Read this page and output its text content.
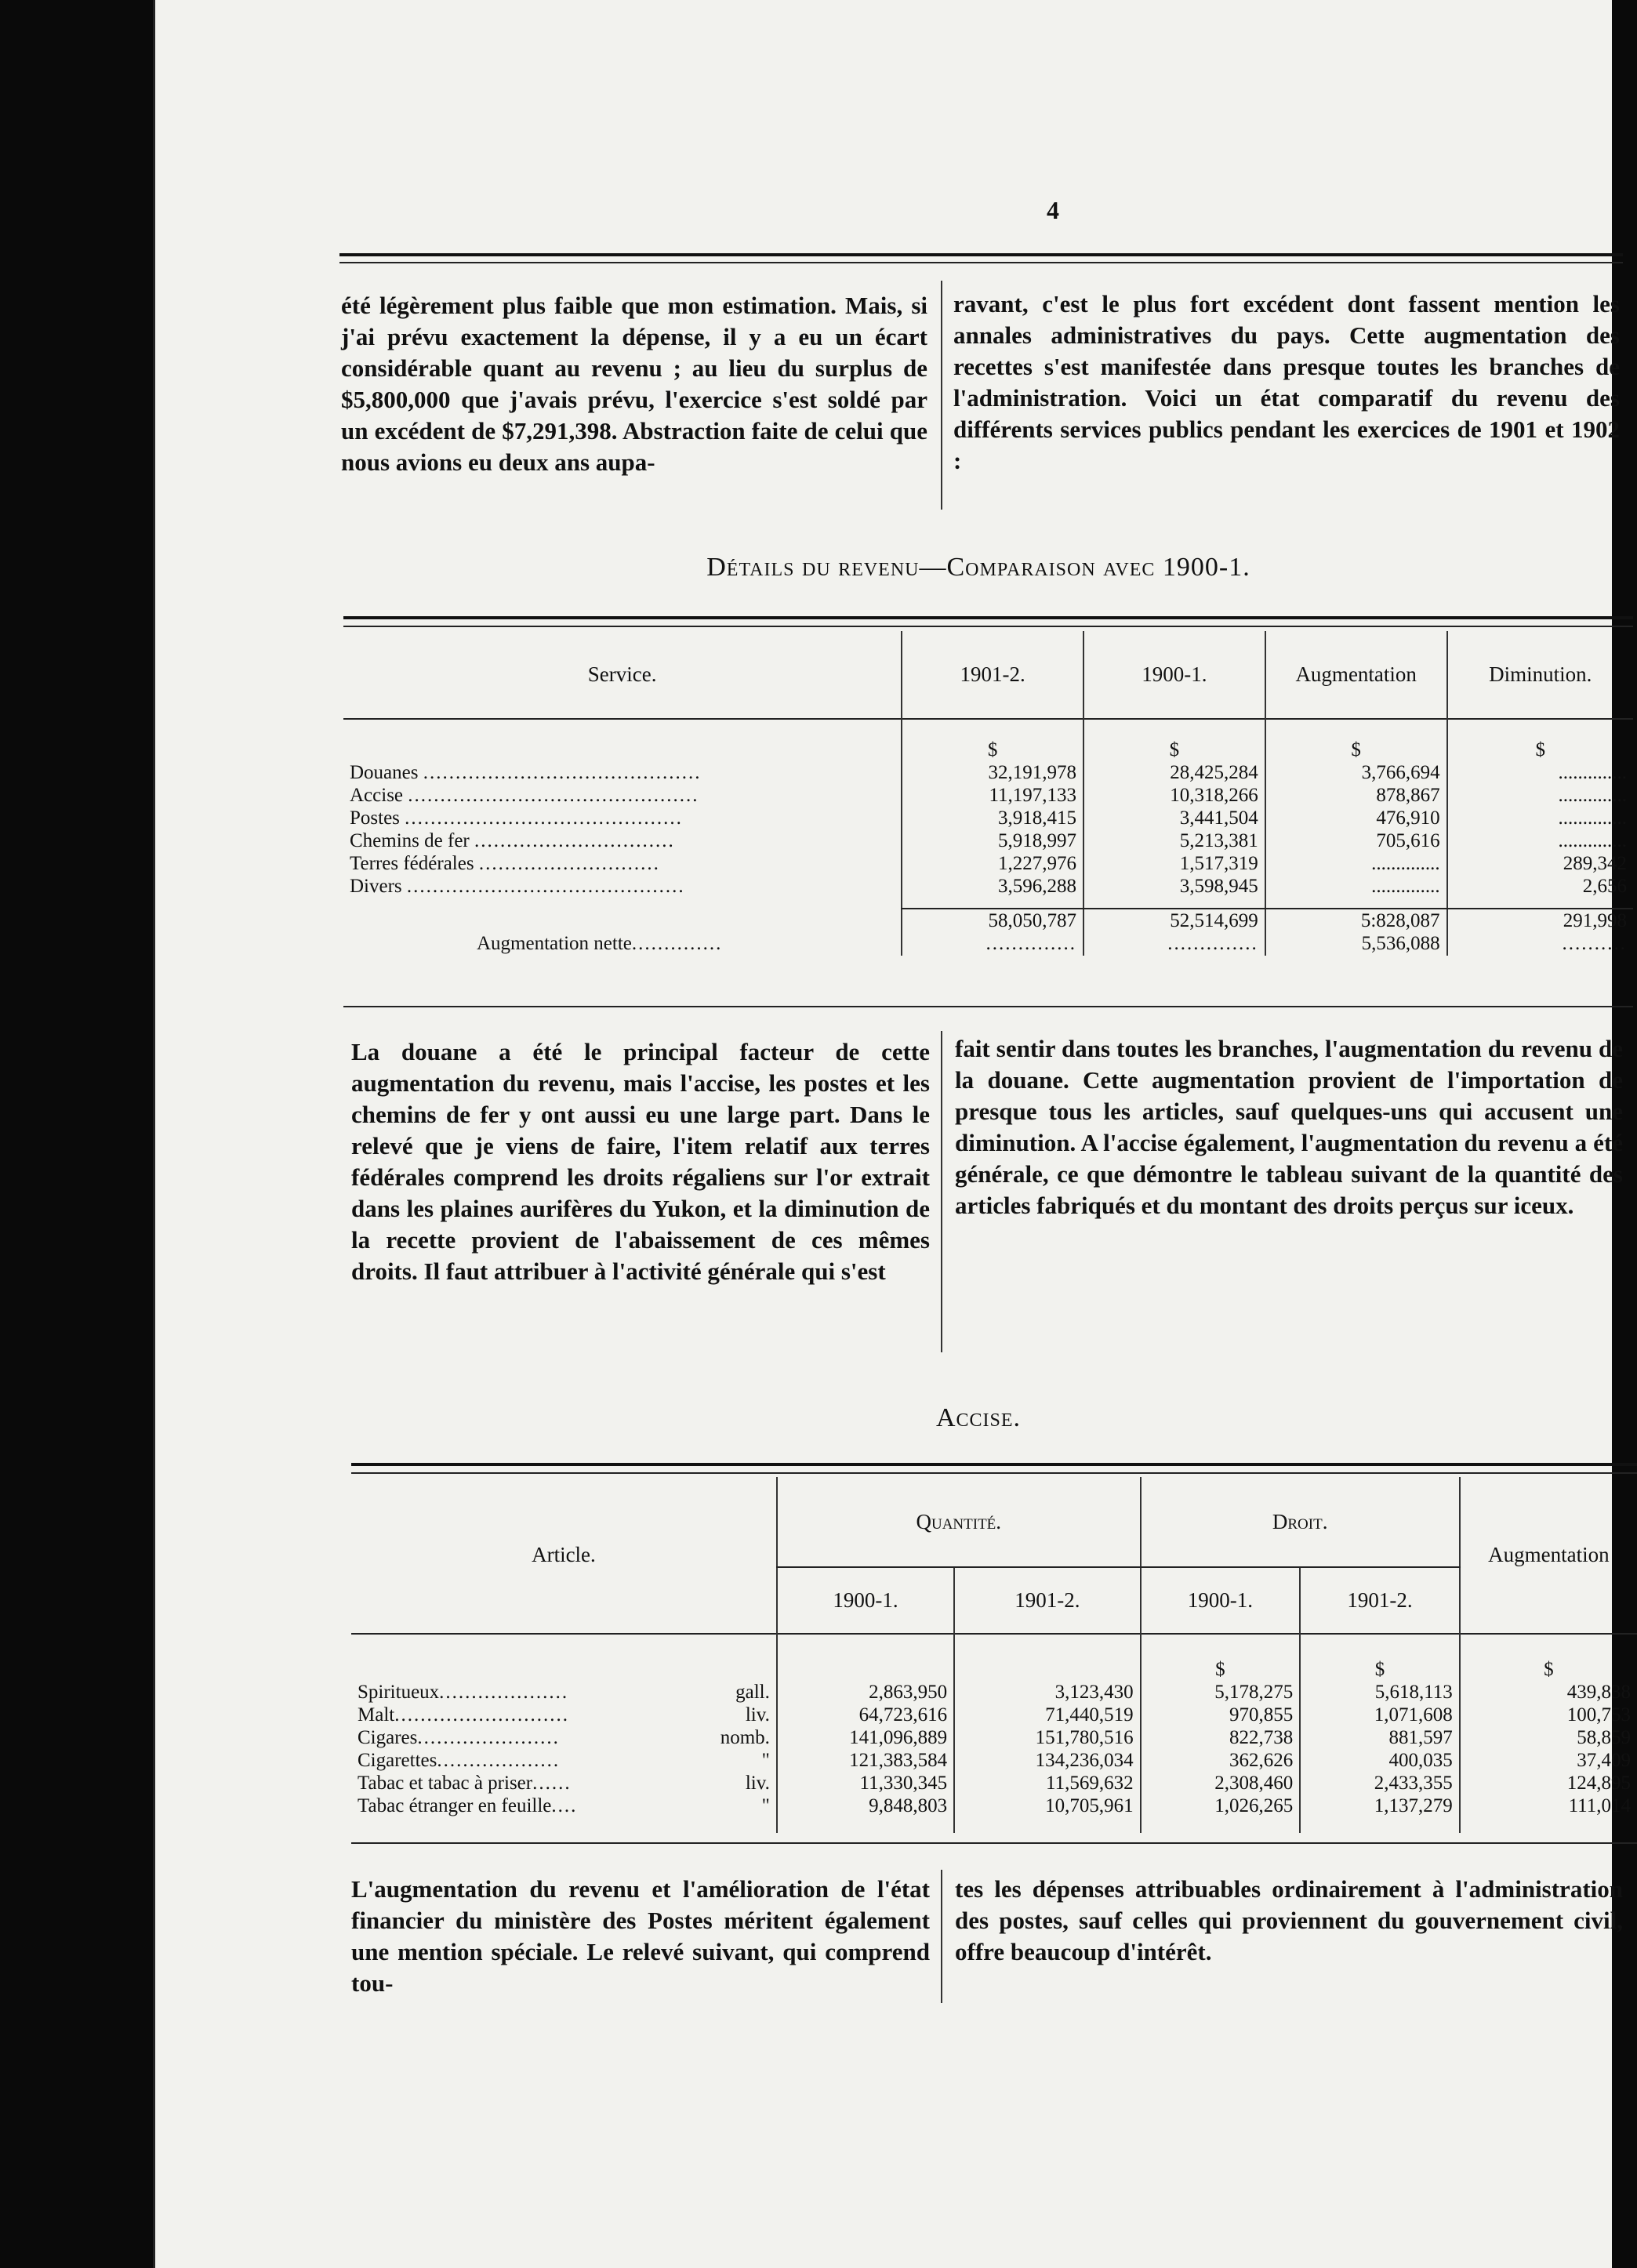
4
été légèrement plus faible que mon estimation. Mais, si j'ai prévu exactement la dépense, il y a eu un écart considérable quant au revenu ; au lieu du surplus de $5,800,000 que j'avais prévu, l'exercice s'est soldé par un excédent de $7,291,398. Abstraction faite de celui que nous avions eu deux ans aupa-
ravant, c'est le plus fort excédent dont fassent mention les annales administratives du pays. Cette augmentation des recettes s'est manifestée dans presque toutes les branches de l'administration. Voici un état comparatif du revenu des différents services publics pendant les exercices de 1901 et 1902 :
Détails du revenu—Comparaison avec 1900-1.
Service.	1901-2.	1900-1.	Augmentation	Diminution.

	$	$	$	$
Douanes ...........................................	32,191,978	28,425,284	3,766,694	..............
Accise .............................................	11,197,133	10,318,266	878,867	..............
Postes ...........................................	3,918,415	3,441,504	476,910	..............
Chemins de fer ...............................	5,918,997	5,213,381	705,616	..............
Terres fédérales ............................	1,227,976	1,517,319	..............	289,342
Divers ...........................................	3,596,288	3,598,945	..............	2,656

	58,050,787	52,514,699	5:828,087	291,998
Augmentation nette..............	..............	..............	5,536,088	..........
La douane a été le principal facteur de cette augmentation du revenu, mais l'accise, les postes et les chemins de fer y ont aussi eu une large part. Dans le relevé que je viens de faire, l'item relatif aux terres fédérales comprend les droits régaliens sur l'or extrait dans les plaines aurifères du Yukon, et la diminution de la recette provient de l'abaissement de ces mêmes droits. Il faut attribuer à l'activité générale qui s'est
fait sentir dans toutes les branches, l'augmentation du revenu de la douane. Cette augmentation provient de l'importation de presque tous les articles, sauf quelques-uns qui accusent une diminution. A l'accise également, l'augmentation du revenu a été générale, ce que démontre le tableau suivant de la quantité des articles fabriqués et du montant des droits perçus sur iceux.
Accise.
Article.	Quantité.		Droit.		Augmentation
	1900-1.	1901-2.	1900-1.	1901-2.	

			$	$	$
Spiritueux.................... gall.	2,863,950	3,123,430	5,178,275	5,618,113	439,838
Malt........................... liv.	64,723,616	71,440,519	970,855	1,071,608	100,753
Cigares...................... nomb.	141,096,889	151,780,516	822,738	881,597	58,859
Cigarettes................... "	121,383,584	134,236,034	362,626	400,035	37,409
Tabac et tabac à priser...... liv.	11,330,345	11,569,632	2,308,460	2,433,355	124,895
Tabac étranger en feuille.... "	9,848,803	10,705,961	1,026,265	1,137,279	111,014

L'augmentation du revenu et l'amélioration de l'état financier du ministère des Postes méritent également une mention spéciale. Le relevé suivant, qui comprend tou-
tes les dépenses attribuables ordinairement à l'administration des postes, sauf celles qui proviennent du gouvernement civil, offre beaucoup d'intérêt.
